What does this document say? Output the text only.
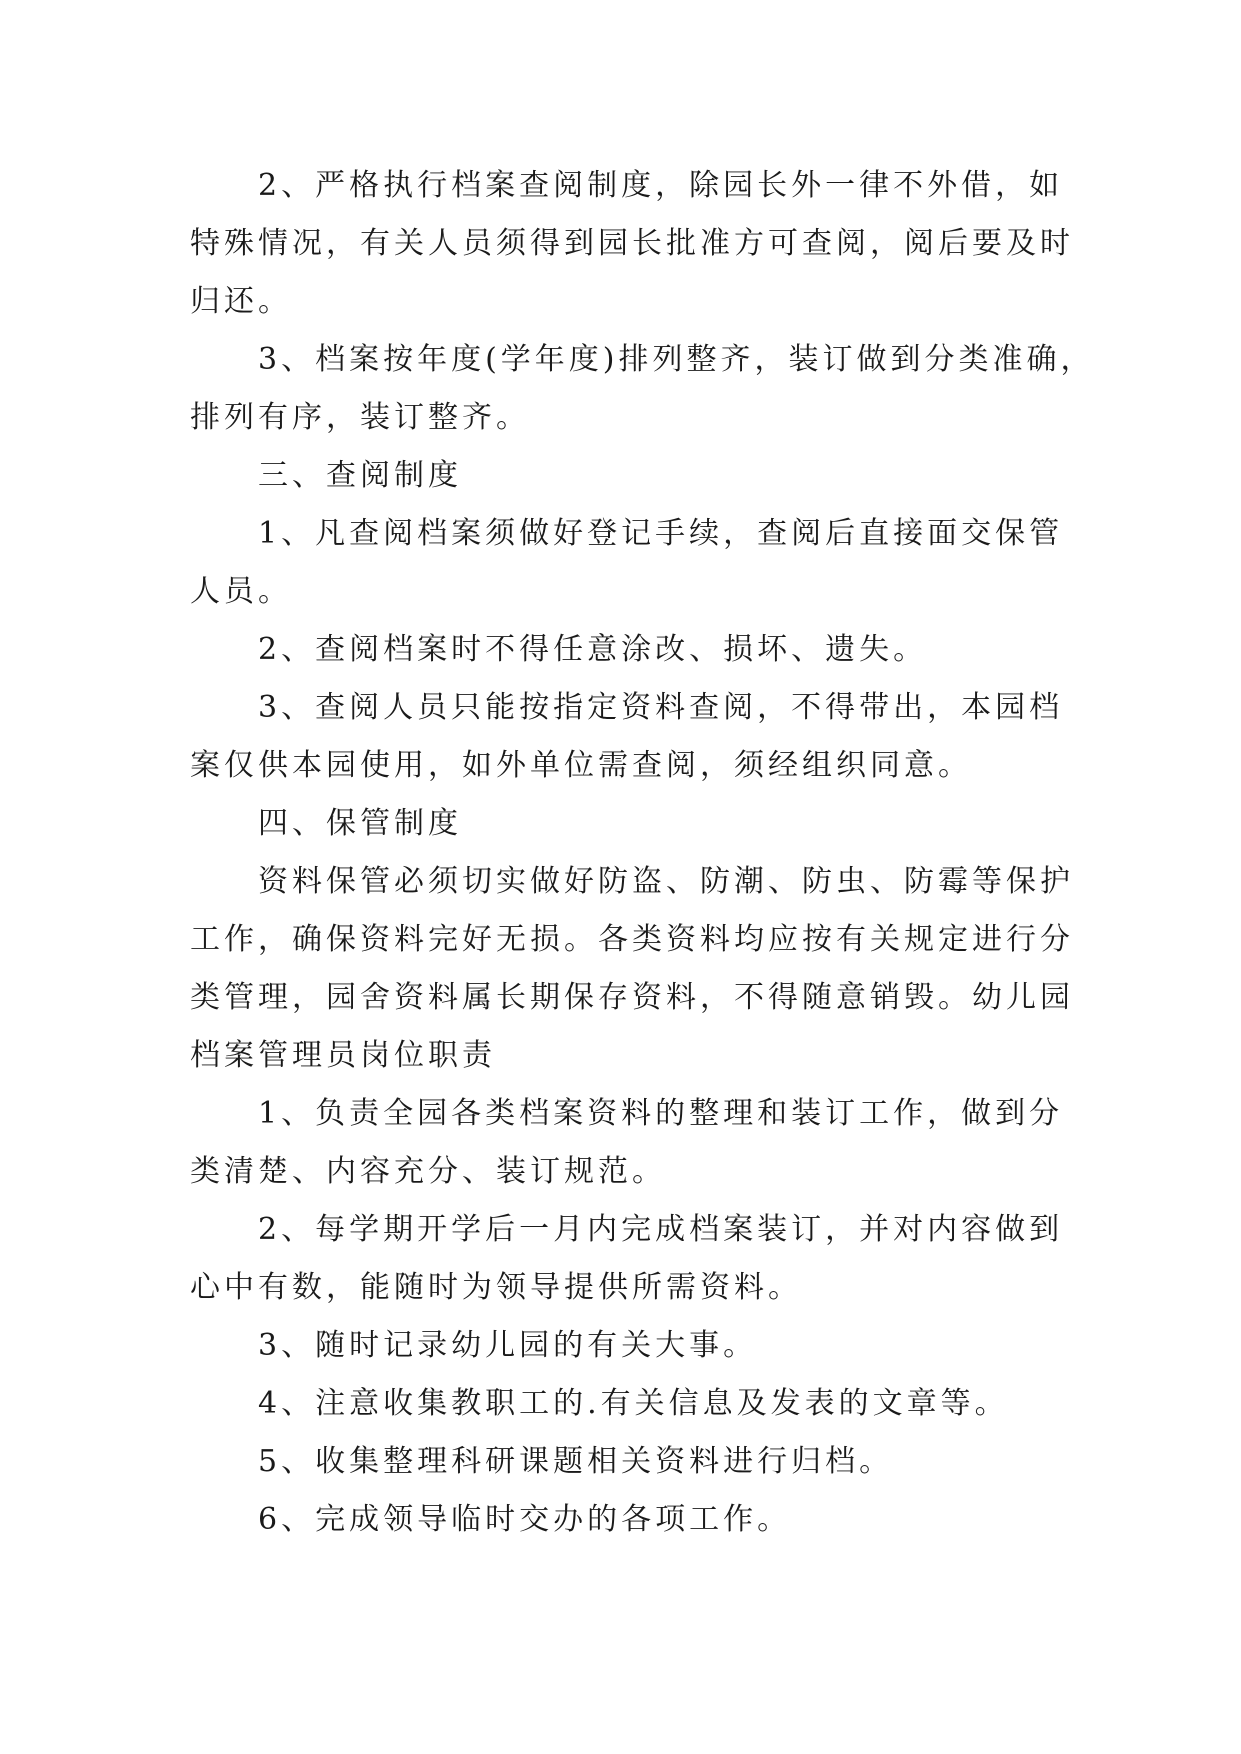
2、严格执行档案查阅制度，除园长外一律不外借，如
特殊情况，有关人员须得到园长批准方可查阅，阅后要及时
归还。
3、档案按年度(学年度)排列整齐，装订做到分类准确，
排列有序，装订整齐。
三、查阅制度
1、凡查阅档案须做好登记手续，查阅后直接面交保管
人员。
2、查阅档案时不得任意涂改、损坏、遗失。
3、查阅人员只能按指定资料查阅，不得带出，本园档
案仅供本园使用，如外单位需查阅，须经组织同意。
四、保管制度
资料保管必须切实做好防盗、防潮、防虫、防霉等保护
工作，确保资料完好无损。各类资料均应按有关规定进行分
类管理，园舍资料属长期保存资料，不得随意销毁。幼儿园
档案管理员岗位职责
1、负责全园各类档案资料的整理和装订工作，做到分
类清楚、内容充分、装订规范。
2、每学期开学后一月内完成档案装订，并对内容做到
心中有数，能随时为领导提供所需资料。
3、随时记录幼儿园的有关大事。
4、注意收集教职工的.有关信息及发表的文章等。
5、收集整理科研课题相关资料进行归档。
6、完成领导临时交办的各项工作。
